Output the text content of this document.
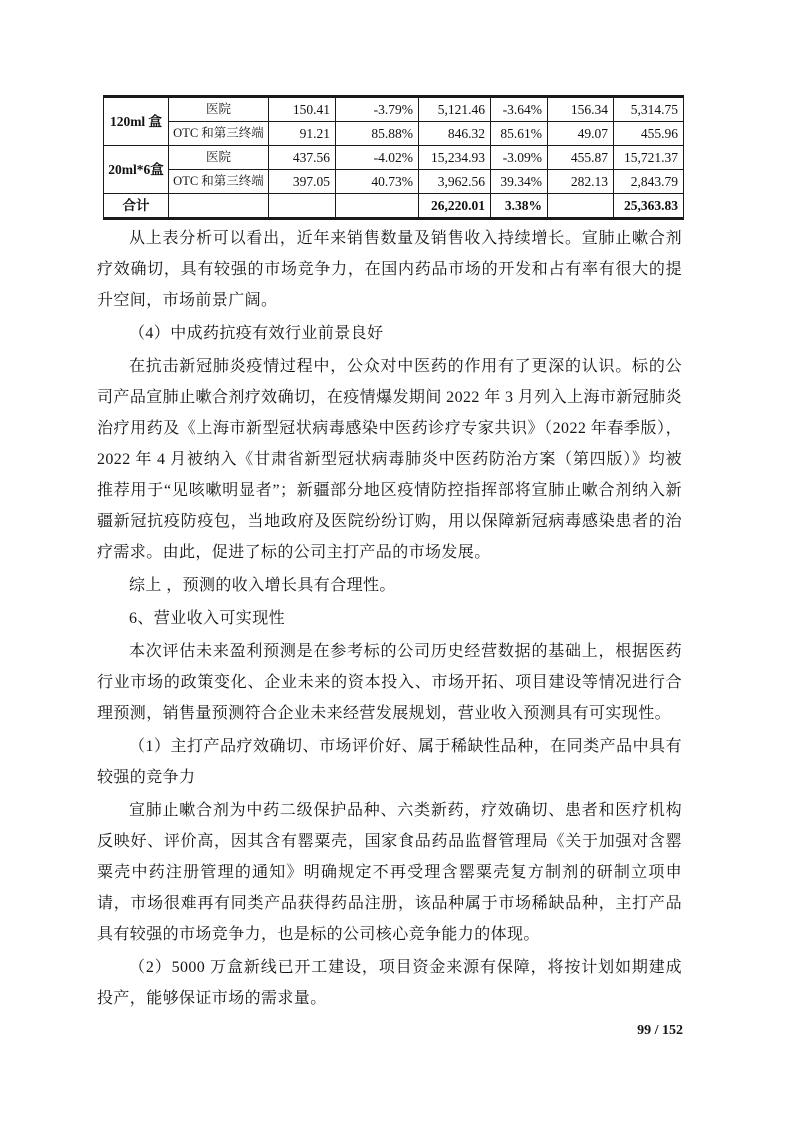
120ml 盒	医院	150.41	-3.79%	5,121.46	-3.64%	156.34	5,314.75
	OTC 和第三终端	91.21	85.88%	846.32	85.61%	49.07	455.96
20ml*6盒	医院	437.56	-4.02%	15,234.93	-3.09%	455.87	15,721.37
	OTC 和第三终端	397.05	40.73%	3,962.56	39.34%	282.13	2,843.79
合计				26,220.01	3.38%		25,363.83

从上表分析可以看出，近年来销售数量及销售收入持续增长。宣肺止嗽合剂疗效确切，具有较强的市场竞争力，在国内药品市场的开发和占有率有很大的提升空间，市场前景广阔。

（4）中成药抗疫有效行业前景良好

在抗击新冠肺炎疫情过程中，公众对中医药的作用有了更深的认识。标的公司产品宣肺止嗽合剂疗效确切，在疫情爆发期间 2022 年 3 月列入上海市新冠肺炎治疗用药及《上海市新型冠状病毒感染中医药诊疗专家共识》（2022 年春季版），2022 年 4 月被纳入《甘肃省新型冠状病毒肺炎中医药防治方案（第四版）》均被推荐用于“见咳嗽明显者”；新疆部分地区疫情防控指挥部将宣肺止嗽合剂纳入新疆新冠抗疫防疫包，当地政府及医院纷纷订购，用以保障新冠病毒感染患者的治疗需求。由此，促进了标的公司主打产品的市场发展。

综上 ，预测的收入增长具有合理性。

6、营业收入可实现性

本次评估未来盈利预测是在参考标的公司历史经营数据的基础上，根据医药行业市场的政策变化、企业未来的资本投入、市场开拓、项目建设等情况进行合理预测，销售量预测符合企业未来经营发展规划，营业收入预测具有可实现性。

（1）主打产品疗效确切、市场评价好、属于稀缺性品种，在同类产品中具有较强的竞争力

宣肺止嗽合剂为中药二级保护品种、六类新药，疗效确切、患者和医疗机构反映好、评价高，因其含有罂粟壳，国家食品药品监督管理局《关于加强对含罂粟壳中药注册管理的通知》明确规定不再受理含罂粟壳复方制剂的研制立项申请，市场很难再有同类产品获得药品注册，该品种属于市场稀缺品种，主打产品具有较强的市场竞争力，也是标的公司核心竞争能力的体现。

（2）5000 万盒新线已开工建设，项目资金来源有保障，将按计划如期建成投产，能够保证市场的需求量。

99 / 152
